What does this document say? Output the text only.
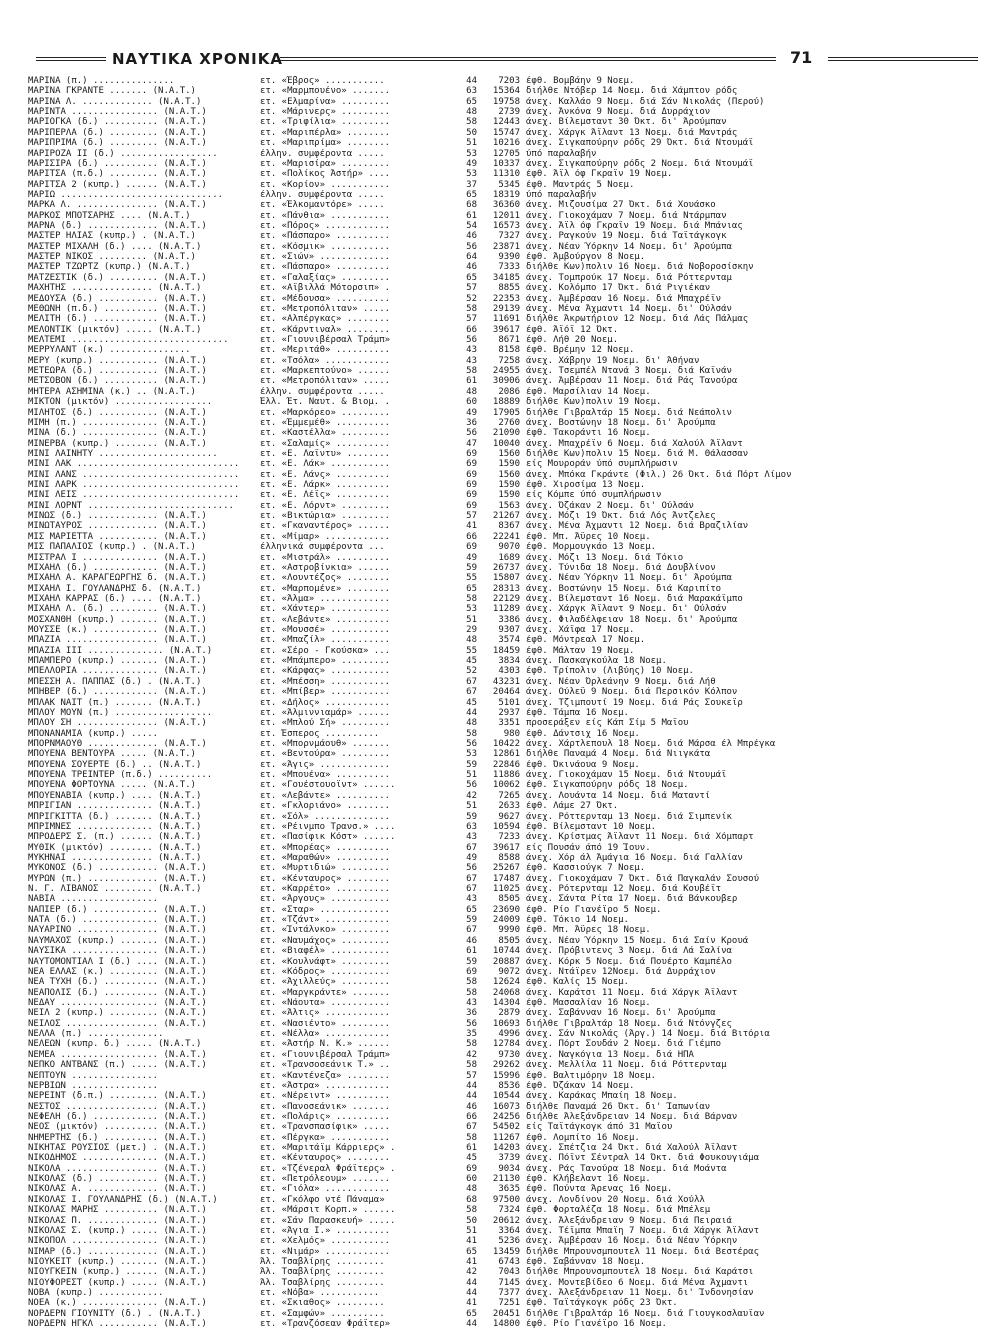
ΝΑΥΤΙΚΑ ΧΡΟΝΙΚΑ	71
ΜΑΡΙΝΑ (π.) ...............	ετ. «Έβρος» ...........	44	7203 έφθ. Βομβάην 9 Νοεμ.
ΜΑΡΙΝΑ ΓΚΡΑΝΤΕ ....... (N.A.T.)	ετ. «Μαρμπουένο» .......	63	15364 διήλθε Ντόβερ 14 Νοεμ. διά Χάμπτον ρόδς
ΜΑΡΙΝΑ Λ. ............. (N.A.T.)	ετ. «Ελμαρίνα» .........	65	19758 άνεχ. Καλλάο 9 Νοεμ. διά Σάν Νικολάς (Περού)
ΜΑΡΙΝΤΑ ................ (N.A.T.)	ετ. «Μάρινερς» .........	48	2739 άνεχ. Άνκόνα 9 Νοεμ. διά Δυρράχιον
ΜΑΡΙΟΓΚΑ (δ.) .......... (N.A.T.)	ετ. «Τριφίλια» .........	58	12443 άνεχ. Βίλεμσταντ 30 Όκτ. δι' Άρούμπαν
ΜΑΡΙΠΕΡΛΑ (δ.) ......... (N.A.T.)	ετ. «Μαριπέρλα» ........	50	15747 άνεχ. Χάργκ Άϊλαντ 13 Νοεμ. διά Μαντράς
ΜΑΡΙΠΡΙΜΑ (δ.) ......... (N.A.T.)	ετ. «Μαριπρίμα» ........	51	10216 άνεχ. Σιγκαπούρην ρόδς 29 Όκτ. διά Ντουμάϊ
ΜΑΡΙΡΟΖΑ ΙΙ (δ.) ..................	έλλην. συμφέροντα .....	53	12705 ύπό παραλαβήν
ΜΑΡΙΣΙΡΑ (δ.) .......... (N.A.T.)	ετ. «Μαρισίρα» .........	49	10337 άνεχ. Σιγκαπούρην ρόδς 2 Νοεμ. διά Ντουμάϊ
ΜΑΡΙΤΣΑ (π.δ.) ......... (N.A.T.)	ετ. «Πολίκος Άστήρ» ....	53	11310 έφθ. Άϊλ όφ Γκραϊν 19 Νοεμ.
ΜΑΡΙΤΣΑ 2 (κυπρ.) ...... (N.A.T.)	ετ. «Κορίον» ...........	37	5345 έφθ. Μαντράς 5 Νοεμ.
ΜΑΡΙΩ ..............................	έλλην. συμφέροντα .....	65	18319 ύπό παραλαβήν
ΜΑΡΚΑ Λ. ............... (N.A.T.)	ετ. «Έλκομαντόρε» .....	68	36360 άνεχ. Μιζουσίμα 27 Όκτ. διά Χουάσκο
ΜΑΡΚΟΣ ΜΠΟΤΣΑΡΗΣ .... (N.A.T.)	ετ. «Πάνθια» ...........	61	12011 άνεχ. Γιοκοχάμαν 7 Νοεμ. διά Ντάρμπαν
ΜΑΡΝΑ (δ.) ............. (N.A.T.)	ετ. «Πόρος» ............	54	16573 άνεχ. Άϊλ όφ Γκραϊν 19 Νοεμ. διά Μπάνιας
ΜΑΣΤΕΡ ΗΛΙΑΣ (κυπρ.) . (N.A.T.)	ετ. «Πάσπαρο» ..........	46	7327 άνεχ. Ραγκούν 19 Νοεμ. διά Ταϊτάγκογκ
ΜΑΣΤΕΡ ΜΙΧΑΛΗ (δ.) .... (N.A.T.)	ετ. «Κόσμικ» ...........	56	23871 άνεχ. Νέαν Ύόρκην 14 Νοεμ. δι' Άρούμπα
ΜΑΣΤΕΡ ΝΙΚΟΣ ......... (N.A.T.)	ετ. «Σιών» .............	64	9390 έφθ. Άμβούργον 8 Νοεμ.
ΜΑΣΤΕΡ ΤΖΩΡΤΖ (κυπρ.) (N.A.T.)	ετ. «Πάσπαρο» ..........	46	7333 διήλθε Κων)πολιν 16 Νοεμ. διά Νοβοροσίσκην
ΜΑΤΖΕΣΤΙΚ (δ.) ......... (N.A.T.)	ετ. «Γαλαξίας» .........	65	34185 άνεχ. Τομπρούκ 17 Νοεμ. διά Ρόττερνταμ
ΜΑΧΗΤΗΣ ............... (N.A.T.)	ετ. «Αϊβιλλά Μότορσιπ» .	57	8855 άνεχ. Κολόμπο 17 Όκτ. διά Ριγιέκαν
ΜΕΔΟΥΣΑ (δ.) ........... (N.A.T.)	ετ. «Μέδουσα» ..........	52	22353 άνεχ. Άμβέρσαν 16 Νοεμ. διά Μπαχρέϊν
ΜΕΘΩΝΗ (π.δ.) .......... (N.A.T.)	ετ. «Μετροπόλιταν» .....	58	29139 άνεχ. Μένα Άχμαντι 14 Νοεμ. δι' Ούλσάν
ΜΕΛΙΤΗ (δ.) ............ (N.A.T.)	ετ. «Αλπέργκας» ........	57	11691 διήλθε Άκρωτήριον 12 Νοεμ. διά Λάς Πάλμας
ΜΕΛΟΝΤΙΚ (μικτόν) ..... (N.A.T.)	ετ. «Κάρντιναλ» ........	66	39617 έφθ. Άϊόϊ 12 Όκτ.
ΜΕΛΤΕΜΙ .............................	ετ. «Γιουνιβέρσαλ Τράμπ»	56	8671 έφθ. Λήθ 20 Νοεμ.
ΜΕΡΡΥΛΑΝΤ (κ.) ...............	ετ. «Μεριτάθ» ..........	43	8158 έφθ. Βρέμην 12 Νοεμ.
ΜΕΡΥ (κυπρ.) ........... (N.A.T.)	ετ. «Τσόλα» ............	43	7258 άνεχ. Χάβρην 19 Νοεμ. δι' Άθήναν
ΜΕΤΕΩΡΑ (δ.) ........... (N.A.T.)	ετ. «Μαρκεπτούνο» ......	58	24955 άνεχ. Τσεμπέλ Ντανά 3 Νοεμ. διά Καϊνάν
ΜΕΤΣΟΒΟΝ (δ.) .......... (N.A.T.)	ετ. «Μετροπόλιταν» .....	61	30906 άνεχ. Άμβέρσαν 11 Νοεμ. διά Ράς Τανούρα
ΜΗΤΕΡΑ ΑΣΗΜΙΝΑ (κ.) .. (N.A.T.)	έλλην. συμφέροντα .....	48	2086 έφθ. Μαρσίλιαν 14 Νοεμ.
ΜΙΚΤΟΝ (μικτόν) ..................	Έλλ. Έτ. Ναυτ. & Βιομ. .	60	18889 διήλθε Κων)πολιν 19 Νοεμ.
ΜΙΛΗΤΟΣ (δ.) ........... (N.A.T.)	ετ. «Μαρκόρεο» .........	49	17905 διήλθε Γιβραλτάρ 15 Νοεμ. διά Νεάπολιν
ΜΙΜΗ (π.) .............. (N.A.T.)	ετ. «Έμμεμέθ» ..........	36	2760 άνεχ. Βοστώνην 18 Νοεμ. δι' Άρούμπα
ΜΙΝΑ (δ.) .............. (N.A.T.)	ετ. «Καστέλλα» .........	56	21090 έφθ. Τακοράντι 16 Νοεμ.
ΜΙΝΕΡΒΑ (κυπρ.) ........ (N.A.T.)	ετ. «Σαλαμίς» ..........	47	10040 άνεχ. Μπαχρέϊν 6 Νοεμ. διά Χαλούλ Άϊλαντ
ΜΙΝΙ ΛΑΪΝΗΤΥ ......................	ετ. «Ε. Λαϊντυ» ........	69	1560 διήλθε Κων)πολιν 15 Νοεμ. διά Μ. Θάλασσαν
ΜΙΝΙ ΛΑΚ ..............................	ετ. «Ε. Λάκ» ...........	69	1590 είς Μουροράν ύπό συμπλήρωσιν
ΜΙΝΙ ΛΑΝΣ .............................	ετ. «Ε. Λάνς» ..........	69	1560 άνεχ. Μπόκα Γκράντε (Φιλ.) 26 Όκτ. διά Πόρτ Λίμον
ΜΙΝΙ ΛΑΡΚ .............................	ετ. «Ε. Λάρκ» ..........	69	1590 έφθ. Χιροσίμα 13 Νοεμ.
ΜΙΝΙ ΛΕΪΣ .............................	ετ. «Ε. Λέϊς» ..........	69	1590 είς Κόμπε ύπό συμπλήρωσιν
ΜΙΝΙ ΛΟΡΝΤ ...........................	ετ. «Ε. Λόρντ» .........	69	1563 άνεχ. Όζάκαν 2 Νοεμ. δι' Ούλσάν
ΜΙΝΩΣ (δ.) ............. (N.A.T.)	ετ. «Βικτώρια» .........	57	21267 άνεχ. Μόζι 19 Όκτ. διά Λός Άντζελες
ΜΙΝΩΤΑΥΡΟΣ ............. (N.A.T.)	ετ. «Γκαναντέρος» ......	41	8367 άνεχ. Μένα Άχμαντι 12 Νοεμ. διά Βραζιλίαν
ΜΙΣ ΜΑΡΙΕΤΤΑ ........... (N.A.T.)	ετ. «Μίμαρ» ............	66	22241 έφθ. Μπ. Άϋρες 10 Νοεμ.
ΜΙΣ ΠΑΠΑΛΙΟΣ (κυπρ.) . (N.A.T.)	έλληνικά συμφέροντα ...	69	9070 έφθ. Μορμουγκάο 13 Νοεμ.
ΜΙΣΤΡΑΛ Ι .............. (N.A.T.)	ετ. «Μιστράλ» ..........	49	1689 άνεχ. Μόζι 13 Νοεμ. διά Τόκιο
ΜΙΧΑΗΛ (δ.) ............ (N.A.T.)	ετ. «Αστροβίνκια» ......	59	26737 άνεχ. Τύνιδα 18 Νοεμ. διά Δουβλίνον
ΜΙΧΑΗΛ Α. ΚΑΡΑΓΕΩΡΓΗΣ δ. (N.A.T.)	ετ. «Λουντέζος» ........	55	15807 άνεχ. Νέαν Ύόρκην 11 Νοεμ. δι' Άρούμπα
ΜΙΧΑΗΛ Ι. ΓΟΥΛΑΝΔΡΗΣ δ. (N.A.T.)	ετ. «Μαρπομένε» ........	65	28313 άνεχ. Βοστώνην 15 Νοεμ. διά Καριπίτο
ΜΙΧΑΗΛ ΚΑΡΡΑΣ (δ.) .... (N.A.T.)	ετ. «Άλμα» .............	58	22129 άνεχ. Βίλεμσταντ 16 Νοεμ. διά Μαρακάϊμπο
ΜΙΧΑΗΛ Λ. (δ.) ......... (N.A.T.)	ετ. «Χάντερ» ...........	53	11289 άνεχ. Χάργκ Άϊλαντ 9 Νοεμ. δι' Ούλσάν
ΜΟΣΧΑΝΘΗ (κυπρ.) ....... (N.A.T.)	ετ. «Λεβάντε» ..........	51	3386 άνεχ. Φιλαδέλφειαν 18 Νοεμ. δι' Άρούμπα
ΜΟΥΣΣΕ (κ.) ............ (N.A.T.)	ετ. «Μουσσέ» ...........	29	9307 άνεχ. Χάϊφα 17 Νοεμ.
ΜΠΑΖΙΑ ................. (N.A.T.)	ετ. «Μπαζίλ» ...........	48	3574 έφθ. Μόντρεαλ 17 Νοεμ.
ΜΠΑΖΙΑ ΙΙΙ .............. (N.A.T.)	ετ. «Σέρο - Γκούσκα» ...	55	18459 έφθ. Μάλταν 19 Νοεμ.
ΜΠΑΜΠΕΡΟ (κυπρ.) ....... (N.A.T.)	ετ. «Μπάμπερο» .........	45	3834 άνεχ. Πασκαγκούλα 18 Νοεμ.
ΜΠΕΛΛΟΡΙΑ .............. (N.A.T.)	ετ. «Κάρφας» ...........	52	4303 έφθ. Τρίπολιν (Λιβύης) 10 Νοεμ.
ΜΠΕΣΣΗ Α. ΠΑΠΠΑΣ (δ.) . (N.A.T.)	ετ. «Μπέσση» ...........	67	43231 άνεχ. Νέαν Όρλεάνην 9 Νοεμ. διά Λήθ
ΜΠΗΒΕΡ (δ.) ............ (N.A.T.)	ετ. «Μπίβερ» ...........	67	20464 άνεχ. Ούλεϋ 9 Νοεμ. διά Περσικόν Κόλπον
ΜΠΛΑΚ ΝΑΪΤ (π.) ....... (N.A.T.)	ετ. «Δήλος» ............	45	5101 άνεχ. Τζιμπουτί 19 Νοεμ. διά Ράς Σουκεΐρ
ΜΠΛΟΥ ΜΟΥΝ (π.) ..................	ετ. «Άλμιννιαμάρ» ......	44	2937 έφθ. Τάμπα 16 Νοεμ.
ΜΠΛΟΥ ΣΗ ............... (N.A.T.)	ετ. «Μπλού Σή» .........	48	3351 προσεράξεν είς Κάπ Σίμ 5 Μαΐου
ΜΠΟΝΑΝΑΜΙΑ (κυπρ.) .....	ετ. Έσπερος ..........	58	980 έφθ. Δάντσιχ 16 Νοεμ.
ΜΠΟΡΝΜΑΟΥΘ ............. (N.A.T.)	ετ. «Μπορνμάουθ» .......	56	10422 άνεχ. Χάρτλεπουλ 18 Νοεμ. διά Μάρσα έλ Μπρέγκα
ΜΠΟΥΕΝΑ ΒΕΝΤΟΥΡΑ ..... (N.A.T.)	ετ. «Βεντούρα» .........	53	12861 διήλθε Παναμά 4 Νοεμ. διά Νιιγκάτα
ΜΠΟΥΕΝΑ ΣΟΥΕΡΤΕ (δ.) .. (N.A.T.)	ετ. «Άγις» .............	59	22846 έφθ. Όκινάουα 9 Νοεμ.
ΜΠΟΥΕΝΑ ΤΡΕΪΝΤΕΡ (π.δ.) ..........	ετ. «Μπουένα» ..........	51	11886 άνεχ. Γιοκοχάμαν 15 Νοεμ. διά Ντουμάϊ
ΜΠΟΥΕΝΑ ΦΟΡΤΟΥΝΑ ..... (N.A.T.)	ετ. «Γουέστουοϊντ» ......	56	10062 έφθ. Σιγκαπούρην ρόδς 18 Νοεμ.
ΜΠΟΥΕΝΑΒΙΑ (κυπρ.) .... (N.A.T.)	ετ. «Λεβάντε» ..........	42	7265 άνεχ. Λουάντα 14 Νοεμ. διά Ματαντί
ΜΠΡΙΓΙΑΝ .............. (N.A.T.)	ετ. «Γκλοριάνο» ........	51	2633 έφθ. Λάμε 27 Όκτ.
ΜΠΡΙΓΚΙΤΤΑ (δ.) ....... (N.A.T.)	ετ. «Σόλ» ..............	59	9627 άνεχ. Ρόττερνταμ 13 Νοεμ. διά Σιμπενίκ
ΜΠΡΙΜΝΕΣ .............. (N.A.T.)	ετ. «Ρέινμπο Τρανσ.» ....	63	10594 έφθ. Βίλεμσταντ 10 Νοεμ.
ΜΠΡΟΔΕΡΣ Σ. (π.) ...... (N.A.T.)	ετ. «Πασίφικ Κόστ» ......	43	7233 άνεχ. Κρίστμας Άϊλαντ 11 Νοεμ. διά Χόμπαρτ
ΜΥΘΙΚ (μικτόν) ........ (N.A.T.)	ετ. «Μπορέας» ..........	67	39617 είς Πουσάν άπό 19 Ίουν.
ΜΥΚΗΝΑΙ ............... (N.A.T.)	ετ. «Μαραθών» ..........	49	8588 άνεχ. Χόρ άλ Άμάγια 16 Νοεμ. διά Γαλλίαν
ΜΥΚΟΝΟΣ (δ.) ........... (N.A.T.)	ετ. «Μυρτιδιώ» .........	56	25267 έφθ. Κασσιούγκ 7 Νοεμ.
ΜΥΡΩΝ (π.) ............. (N.A.T.)	ετ. «Κένταυρος» ........	67	17487 άνεχ. Γιοκοχάμαν 7 Όκτ. διά Παγκαλάν Σουσού
Ν. Γ. ΛΙΒΑΝΟΣ ......... (N.A.T.)	ετ. «Καρρέτο» ..........	67	11025 άνεχ. Ρότερνταμ 12 Νοεμ. διά Κουβέϊτ
ΝΑΒΙΑ ..................	ετ. «Άργους» ...........	43	8505 άνεχ. Σάντα Ρίτα 17 Νοεμ. διά Βάνκουβερ
ΝΑΠΙΕΡ (δ.) ............ (N.A.T.)	ετ. «Σταρ» .............	65	23690 έφθ. Ρίο Γιανέϊρο 5 Νοεμ.
ΝΑΤΑ (δ.) .............. (N.A.T.)	ετ. «Τζάντ» ............	59	24009 έφθ. Τόκιο 14 Νοεμ.
ΝΑΥΑΡΙΝΟ ............... (N.A.T.)	ετ. «Ίντάλνκο» .........	67	9990 έφθ. Μπ. Άϋρες 18 Νοεμ.
ΝΑΥΜΑΧΟΣ (κυπρ.) ....... (N.A.T.)	ετ. «Ναυμάχος» .........	46	8505 άνεχ. Νέαν Ύόρκην 15 Νοεμ. διά Σαίν Κρουά
ΝΑΥΣΙΚΑ ................ (N.A.T.)	ετ. «Βιαφέλ» ...........	61	10744 άνεχ. Πρόβιντενς 3 Νοεμ. διά Λά Σαλίνα
ΝΑΥΤΟΜΟΝΤΙΑΛ Ι (δ.) .... (N.A.T.)	ετ. «Κουλνάφτ» .........	59	20887 άνεχ. Κόρκ 5 Νοεμ. διά Πουέρτο Καμπέλο
ΝΕΑ ΕΛΛΑΣ (κ.) ......... (N.A.T.)	ετ. «Κόδρος» ...........	69	9072 άνεχ. Ντάϊρεν 12Νοεμ. διά Δυρράχιον
ΝΕΑ ΤΥΧΗ (δ.) .......... (N.A.T.)	ετ. «Άχιλλεύς» .........	58	12624 έφθ. Καλίς 15 Νοεμ.
ΝΕΑΠΟΛΙΣ (δ.) .......... (N.A.T.)	ετ. «Μαργκράντε» .......	58	24068 άνεχ. Καράτσι 11 Νοεμ. διά Χάργκ Άϊλαντ
ΝΕΔΑΥ .................. (N.A.T.)	ετ. «Νάουτα» ...........	43	14304 έφθ. Μασσαλίαν 16 Νοεμ.
ΝΕΙΛ 2 (κυπρ.) ......... (N.A.T.)	ετ. «Άλτις» ............	36	2879 άνεχ. Σαβάνναν 16 Νοεμ. δι' Άρούμπα
ΝΕΙΛΟΣ ................. (N.A.T.)	ετ. «Νασιέντο» .........	56	10693 διήλθε Γιβραλτάρ 18 Νοεμ. διά Ντόνγζες
ΝΕΛΛΑ (π.) ..............	ετ. «Νέλλα» ............	35	4996 άνεχ. Σάν Νικολάς (Άργ.) 14 Νοεμ. διά Βιτόρια
ΝΕΛΕΩΝ (κυπρ. δ.) ..... (N.A.T.)	ετ. «Άστήρ Ν. Κ.» ......	58	12784 άνεχ. Πόρτ Σουδάν 2 Νοεμ. διά Γιέμπο
ΝΕΜΕΑ .................. (N.A.T.)	ετ. «Γιουνιβέρσαλ Τράμπ»	42	9730 άνεχ. Ναγκόγια 13 Νοεμ. διά ΗΠΑ
ΝΕΠΚΟ ΑΝΤΒΑΝΣ (π.) ..... (N.A.T.)	ετ. «Τρανσοσεάνικ Τ.» ..	58	29262 άνεχ. Μελλίλα 11 Νοεμ. διά Ρόττερνταμ
ΝΕΠΤΟΥΝ ................	ετ. «Καντένεζα» ........	57	15996 έφθ. Βαλτιμόρην 18 Νοεμ.
ΝΕΡΒΙΩΝ ................	ετ. «Άστρα» ............	44	8536 έφθ. Όζάκαν 14 Νοεμ.
ΝΕΡΕΪΝΤ (δ.π.) ......... (N.A.T.)	ετ. «Νέρειντ» ..........	44	10544 άνεχ. Καράκας Μπαίη 18 Νοεμ.
ΝΕΣΤΟΣ ................. (N.A.T.)	ετ. «Πανοσεάνικ» .......	46	16073 διήλθε Παναμά 26 Όκτ. δι' Ίαπωνίαν
ΝΕΦΕΛΗ (δ.) ............ (N.A.T.)	ετ. «Πολάρις» ..........	66	24256 διήλθε Άλεξάνδρειαν 14 Νοεμ. διά Βάρναν
ΝΕΟΣ (μικτόν) .......... (N.A.T.)	ετ. «Τρανσπασίφικ» .....	67	54502 είς Ταϊτάγκογκ άπό 31 Μαΐου
ΝΗΜΕΡΤΗΣ (δ.) .......... (N.A.T.)	ετ. «Πέργκα» ...........	58	11267 έφθ. Λομπίτο 16 Νοεμ.
ΝΙΚΗΤΑΣ ΡΟΥΣΙΟΣ (μετ.) . (N.A.T.)	ετ. «Μαριτάϊμ Κάρριερς» .	61	14203 άνεχ. Σπέτζια 24 Όκτ. διά Χαλούλ Άϊλαντ
ΝΙΚΟΔΗΜΟΣ .............. (N.A.T.)	ετ. «Κένταυρος» ........	45	3739 άνεχ. Πόϊντ Σέντραλ 14 Όκτ. διά Φουκουγιάμα
ΝΙΚΟΛΑ ................. (N.A.T.)	ετ. «Τζένεραλ Φράϊτερς» .	69	9034 άνεχ. Ράς Τανούρα 18 Νοεμ. διά Μοάντα
ΝΙΚΟΛΑΣ (δ.) ........... (N.A.T.)	ετ. «Πετρόλεουμ» .......	60	21130 έφθ. Κλήβελαντ 16 Νοεμ.
ΝΙΚΟΛΑΣ Α. ............. (N.A.T.)	ετ. «Γιόλα» ............	48	3635 έφθ. Πούντα Άρενας 16 Νοεμ.
ΝΙΚΟΛΑΣ Ι. ΓΟΥΛΑΝΔΡΗΣ (δ.) (N.A.T.)	ετ. «Γκόλφο ντέ Πάναμα»	68	97500 άνεχ. Λονδίνον 20 Νοεμ. διά Χούλλ
ΝΙΚΟΛΑΣ ΜΑΡΗΣ .......... (N.A.T.)	ετ. «Μάρσιτ Κορπ.» ......	58	7324 έφθ. Φορταλέζα 18 Νοεμ. διά Μπέλεμ
ΝΙΚΟΛΑΣ Π. ............. (N.A.T.)	ετ. «Σάν Παρασκευή» .....	50	20612 άνεχ. Άλεξάνδρειαν 9 Νοεμ. διά Πειραιά
ΝΙΚΟΛΑΣ Σ. (κυπρ.) ..... (N.A.T.)	ετ. «Άγια Ι.» ..........	51	3364 άνεχ. Τέϊμπα Μπαϊη 7 Νοεμ. διά Χάργκ Άϊλαντ
ΝΙΚΟΠΟΛ ................ (N.A.T.)	ετ. «Χελμός» ...........	41	5236 άνεχ. Άμβέρσαν 16 Νοεμ. διά Νέαν Ύόρκην
ΝΙΜΑΡ (δ.) ............. (N.A.T.)	ετ. «Νιμάρ» ............	65	13459 διήλθε Μπρουνσμπουτελ 11 Νοεμ. διά Βεστέρας
ΝΙΟΥΚΕΪΤ (κυπρ.) ....... (N.A.T.)	Άλ. Τσαβλίρης .........	41	6743 έφθ. Σαβάνναν 18 Νοεμ.
ΝΙΟΥΓΚΕΪΝ (κυπρ.) ...... (N.A.T.)	Άλ. Τσαβλίρης .........	42	7043 διήλθε Μπρουνσμπουτελ 18 Νοεμ. διά Καράτσι
ΝΙΟΥΦΟΡΕΣΤ (κυπρ.) ..... (N.A.T.)	Άλ. Τσαβλίρης .........	44	7145 άνεχ. Μοντεβίδεο 6 Νοεμ. διά Μένα Άχμαντι
ΝΟΒΑ (κυπρ.) ............	ετ. «Νόβα» ...........	44	7377 άνεχ. Άλεξάνδρειαν 11 Νοεμ. δι' Ίνδονησίαν
ΝΟΕΑ (κ.) .............. (N.A.T.)	ετ. «Σκιαθος» .........	41	7251 έφθ. Ταϊτάγκογκ ρόδς 23 Όκτ.
ΝΟΡΔΕΡΝ ΓΙΟΥΝΙΤΥ (δ.) . (N.A.T.)	ετ. «Σαμφών» ..........	65	20451 διήλθε Γιβραλτάρ 16 Νοεμ. διά Γιουγκοσλαυΐαν
ΝΟΡΔΕΡΝ ΗΓΚΛ ........... (N.A.T.)	ετ. «Τρανζόσεαν Φράϊτερ»	44	14800 έφθ. Ρίο Γιανέϊρο 16 Νοεμ.
